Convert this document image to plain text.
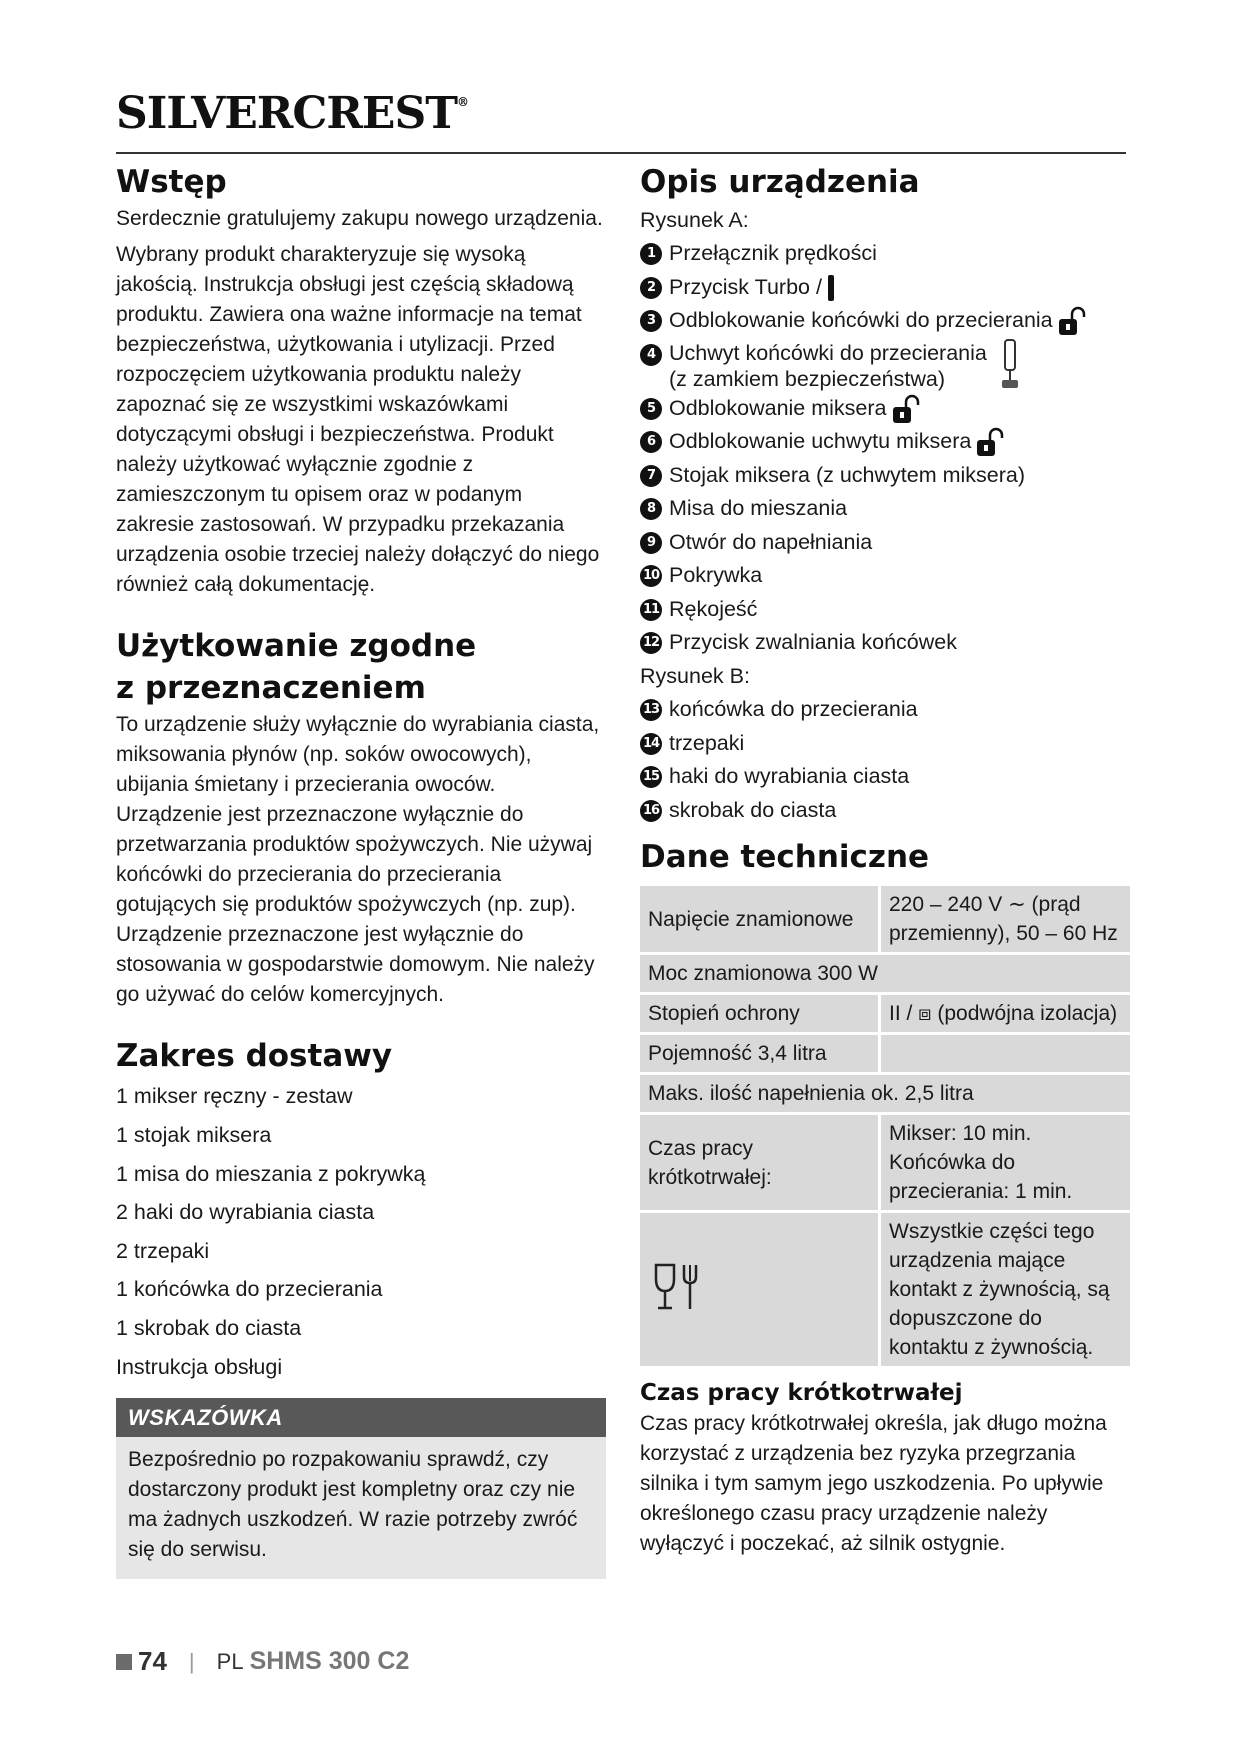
SILVERCREST®
Wstęp

Serdecznie gratulujemy zakupu nowego urządzenia.

Wybrany produkt charakteryzuje się wysoką jakością. Instrukcja obsługi jest częścią składową produktu. Zawiera ona ważne informacje na temat bezpieczeństwa, użytkowania i utylizacji. Przed rozpoczęciem użytkowania produktu należy zapoznać się ze wszystkimi wskazówkami dotyczącymi obsługi i bezpieczeństwa. Produkt należy użytkować wyłącznie zgodnie z zamieszczonym tu opisem oraz w podanym zakresie zastosowań. W przypadku przekazania urządzenia osobie trzeciej należy dołączyć do niego również całą dokumentację.

Użytkowanie zgodne
z przeznaczeniem

To urządzenie służy wyłącznie do wyrabiania ciasta, miksowania płynów (np. soków owocowych), ubijania śmietany i przecierania owoców. Urządzenie jest przeznaczone wyłącznie do przetwarzania produktów spożywczych. Nie używaj końcówki do przecierania do przecierania gotujących się produktów spożywczych (np. zup). Urządzenie przeznaczone jest wyłącznie do stosowania w gospodarstwie domowym. Nie należy go używać do celów komercyjnych.

Zakres dostawy
1 mikser ręczny - zestaw
1 stojak miksera
1 misa do mieszania z pokrywką
2 haki do wyrabiania ciasta
2 trzepaki
1 końcówka do przecierania
1 skrobak do ciasta
Instrukcja obsługi
WSKAZÓWKA

Bezpośrednio po rozpakowaniu sprawdź, czy dostarczony produkt jest kompletny oraz czy nie ma żadnych uszkodzeń. W razie potrzeby zwróć się do serwisu.

Opis urządzenia
Rysunek A:
1 Przełącznik prędkości
2 Przycisk Turbo /
3 Odblokowanie końcówki do przecierania
4 Uchwyt końcówki do przecierania
(z zamkiem bezpieczeństwa)
5 Odblokowanie miksera
6 Odblokowanie uchwytu miksera
7 Stojak miksera (z uchwytem miksera)
8 Misa do mieszania
9 Otwór do napełniania
10 Pokrywka
11 Rękojeść
12 Przycisk zwalniania końcówek
Rysunek B:
13 końcówka do przecierania
14 trzepaki
15 haki do wyrabiania ciasta
16 skrobak do ciasta
Dane techniczne
Napięcie znamionowe	220 – 240 V ∼ (prąd przemienny), 50 – 60 Hz
Moc znamionowa 300 W	
Stopień ochrony	II / ⧈ (podwójna izolacja)
Pojemność 3,4 litra	
Maks. ilość napełnienia ok. 2,5 litra	
Czas pracy krótkotrwałej:	Mikser: 10 min. Końcówka do przecierania: 1 min.
	Wszystkie części tego urządzenia mające kontakt z żywnością, są dopuszczone do kontaktu z żywnością.
Czas pracy krótkotrwałej

Czas pracy krótkotrwałej określa, jak długo można korzystać z urządzenia bez ryzyka przegrzania silnika i tym samym jego uszkodzenia. Po upływie określonego czasu pracy urządzenie należy wyłączyć i poczekać, aż silnik ostygnie.

74 | PL SHMS 300 C2
